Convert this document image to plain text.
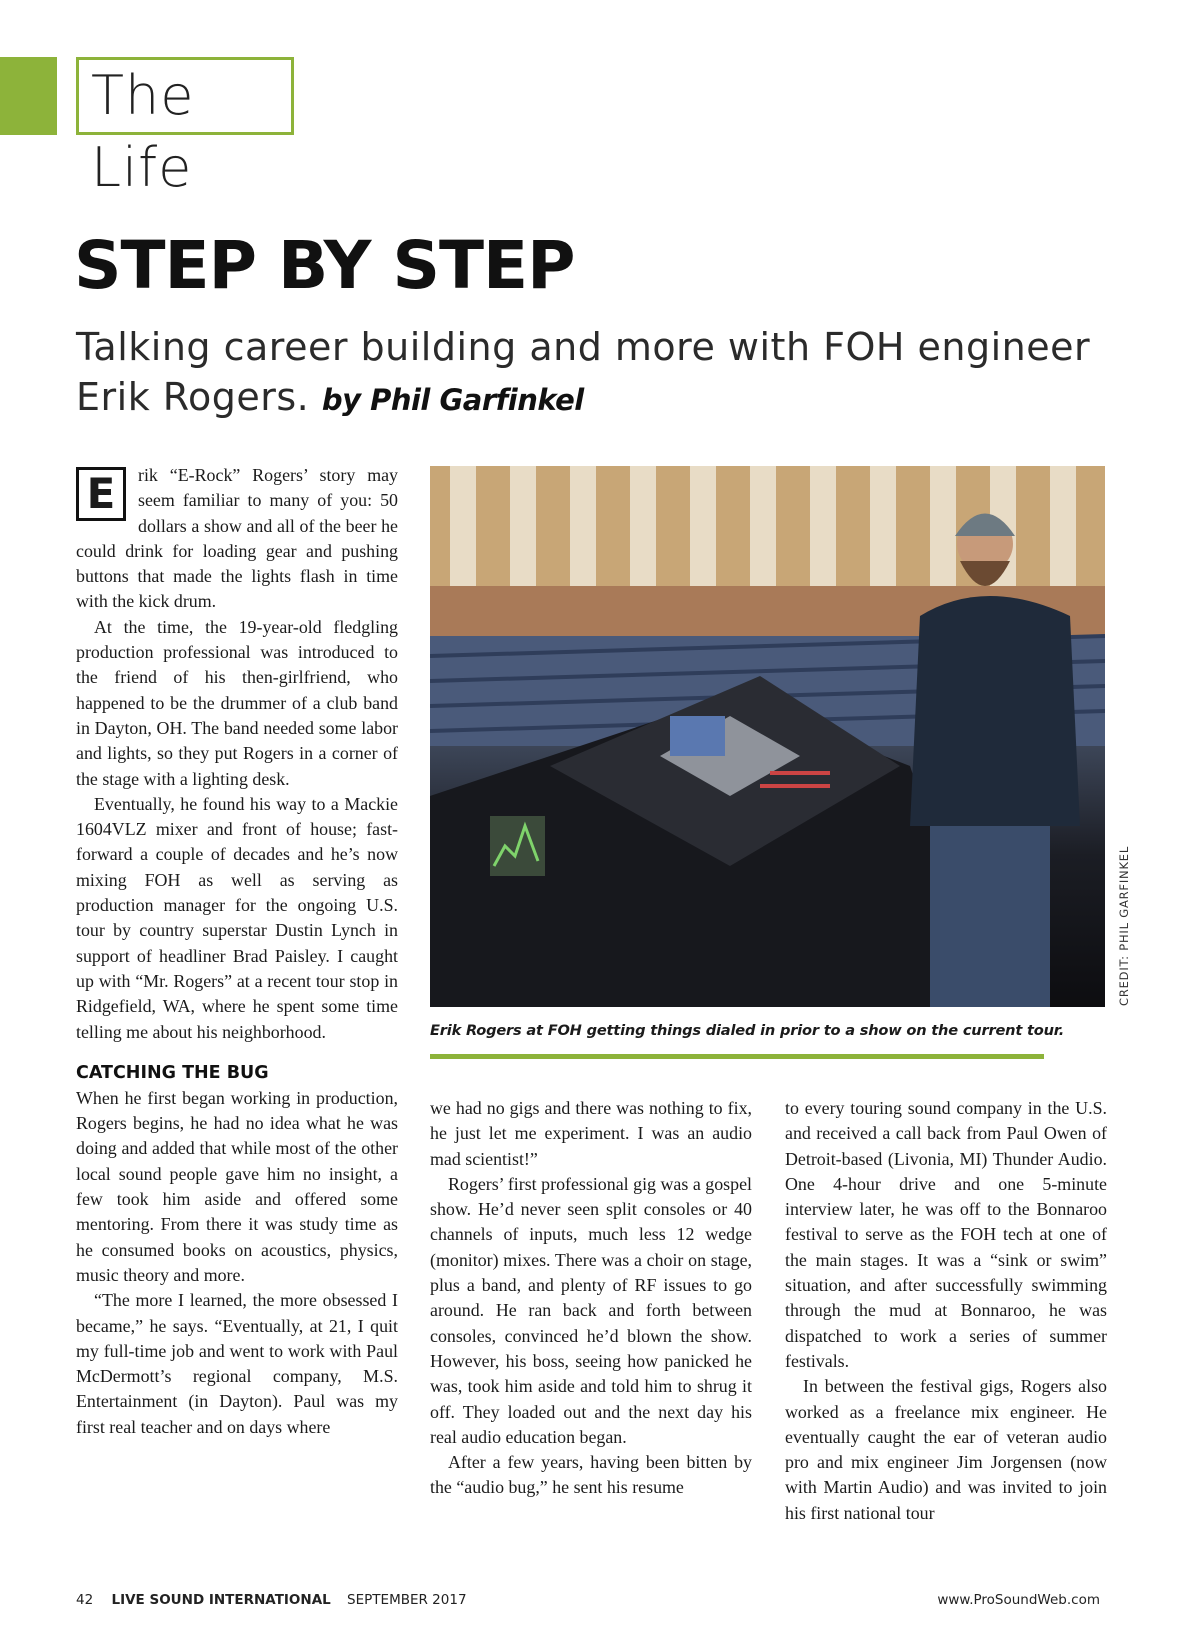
The Life
STEP BY STEP

Talking career building and more with FOH engineer Erik Rogers. by Phil Garfinkel

E	rik “E-Rock” Rogers’ story may seem familiar to many of you: 50 dollars a show and all of the beer he could drink for loading gear and pushing buttons that made the lights flash in time with the kick drum.

At the time, the 19-year-old fledgling production professional was introduced to the friend of his then-girlfriend, who happened to be the drummer of a club band in Dayton, OH. The band needed some labor and lights, so they put Rogers in a corner of the stage with a lighting desk.

Eventually, he found his way to a Mackie 1604VLZ mixer and front of house; fast-forward a couple of decades and he’s now mixing FOH as well as serving as production manager for the ongoing U.S. tour by country superstar Dustin Lynch in support of headliner Brad Paisley. I caught up with “Mr. Rogers” at a recent tour stop in Ridgefield, WA, where he spent some time telling me about his neighborhood.

CATCHING THE BUG

When he first began working in production, Rogers begins, he had no idea what he was doing and added that while most of the other local sound people gave him no insight, a few took him aside and offered some mentoring. From there it was study time as he consumed books on acoustics, physics, music theory and more.

“The more I learned, the more obsessed I became,” he says. “Eventually, at 21, I quit my full-time job and went to work with Paul McDermott’s regional company, M.S. Entertainment (in Dayton). Paul was my first real teacher and on days where

CREDIT: PHIL GARFINKEL
Erik Rogers at FOH getting things dialed in prior to a show on the current tour.

we had no gigs and there was nothing to fix, he just let me experiment. I was an audio mad scientist!”

Rogers’ first professional gig was a gospel show. He’d never seen split consoles or 40 channels of inputs, much less 12 wedge (monitor) mixes. There was a choir on stage, plus a band, and plenty of RF issues to go around. He ran back and forth between consoles, convinced he’d blown the show. However, his boss, seeing how panicked he was, took him aside and told him to shrug it off. They loaded out and the next day his real audio education began.

After a few years, having been bitten by the “audio bug,” he sent his resume

to every touring sound company in the U.S. and received a call back from Paul Owen of Detroit-based (Livonia, MI) Thunder Audio. One 4-hour drive and one 5-minute interview later, he was off to the Bonnaroo festival to serve as the FOH tech at one of the main stages. It was a “sink or swim” situation, and after successfully swimming through the mud at Bonnaroo, he was dispatched to work a series of summer festivals.

In between the festival gigs, Rogers also worked as a freelance mix engineer. He eventually caught the ear of veteran audio pro and mix engineer Jim Jorgensen (now with Martin Audio) and was invited to join his first national tour

42 LIVE SOUND INTERNATIONAL SEPTEMBER 2017	www.ProSoundWeb.com
